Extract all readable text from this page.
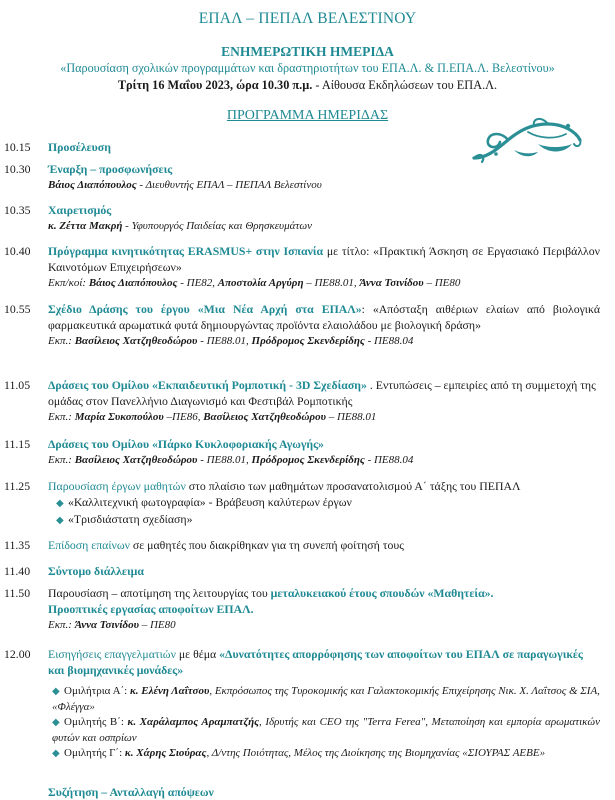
ΕΠΑΛ – ΠΕΠΑΛ ΒΕΛΕΣΤΙΝΟΥ
ΕΝΗΜΕΡΩΤΙΚΗ ΗΜΕΡΙΔΑ
«Παρουσίαση σχολικών προγραμμάτων και δραστηριοτήτων του ΕΠΑ.Λ. & Π.ΕΠΑ.Λ. Βελεστίνου»
Τρίτη 16 Μαΐου 2023, ώρα 10.30 π.μ. - Αίθουσα Εκδηλώσεων του ΕΠΑ.Λ.
ΠΡΟΓΡΑΜΜΑ ΗΜΕΡΙΔΑΣ
10.15 Προσέλευση
10.30 Έναρξη – προσφωνήσεις
Βάιος Διαπόπουλος - Διευθυντής ΕΠΑΛ – ΠΕΠΑΛ Βελεστίνου
10.35 Χαιρετισμός
κ. Ζέττα Μακρή - Υφυπουργός Παιδείας και Θρησκευμάτων
10.40 Πρόγραμμα κινητικότητας ERASMUS+ στην Ισπανία με τίτλο: «Πρακτική Άσκηση σε Εργασιακό Περιβάλλον Καινοτόμων Επιχειρήσεων»
Εκπ/κοί: Βάιος Διαπόπουλος - ΠΕ82, Αποστολία Αργύρη – ΠΕ88.01, Άννα Τσινίδου – ΠΕ80
10.55 Σχέδιο Δράσης του έργου «Μια Νέα Αρχή στα ΕΠΑΛ»: «Απόσταξη αιθέριων ελαίων από βιολογικά φαρμακευτικά αρωματικά φυτά δημιουργώντας προϊόντα ελαιολάδου με βιολογική δράση»
Εκπ.: Βασίλειος Χατζηθεοδώρου - ΠΕ88.01, Πρόδρομος Σκενδερίδης - ΠΕ88.04
11.05 Δράσεις του Ομίλου «Εκπαιδευτική Ρομποτική - 3D Σχεδίαση» . Εντυπώσεις – εμπειρίες από τη συμμετοχή της ομάδας στον Πανελλήνιο Διαγωνισμό και Φεστιβάλ Ρομποτικής
Εκπ.: Μαρία Συκοπούλου –ΠΕ86, Βασίλειος Χατζηθεοδώρου – ΠΕ88.01
11.15 Δράσεις του Ομίλου «Πάρκο Κυκλοφοριακής Αγωγής»
Εκπ.: Βασίλειος Χατζηθεοδώρου - ΠΕ88.01, Πρόδρομος Σκενδερίδης - ΠΕ88.04
11.25 Παρουσίαση έργων μαθητών στο πλαίσιο των μαθημάτων προσανατολισμού Α΄ τάξης του ΠΕΠΑΛ
◆ «Καλλιτεχνική φωτογραφία» - Βράβευση καλύτερων έργων
◆ «Τρισδιάστατη σχεδίαση»
11.35 Επίδοση επαίνων σε μαθητές που διακρίθηκαν για τη συνεπή φοίτησή τους
11.40 Σύντομο διάλλειμα
11.50 Παρουσίαση – αποτίμηση της λειτουργίας του μεταλυκειακού έτους σπουδών «Μαθητεία».
Προοπτικές εργασίας αποφοίτων ΕΠΑΛ.
Εκπ.: Άννα Τσινίδου – ΠΕ80
12.00 Εισηγήσεις επαγγελματιών με θέμα «Δυνατότητες απορρόφησης των αποφοίτων του ΕΠΑΛ σε παραγωγικές και βιομηχανικές μονάδες»
◆ Ομιλήτρια Α΄: κ. Ελένη Λαΐτσου, Εκπρόσωπος της Τυροκομικής και Γαλακτοκομικής Επιχείρησης Νικ. Χ. Λαΐτσος & ΣΙΑ, «Φλέγγα»
◆ Ομιλητής Β΄: κ. Χαράλαμπος Αραμπατζής, Ιδρυτής και CEO της "Terra Ferea", Μεταποίηση και εμπορία αρωματικών φυτών και οσπρίων
◆ Ομιλητής Γ΄: κ. Χάρης Σιούρας, Δ/ντης Ποιότητας, Μέλος της Διοίκησης της Βιομηχανίας «ΣΙΟΥΡΑΣ ΑΕΒΕ»
Συζήτηση – Ανταλλαγή απόψεων
